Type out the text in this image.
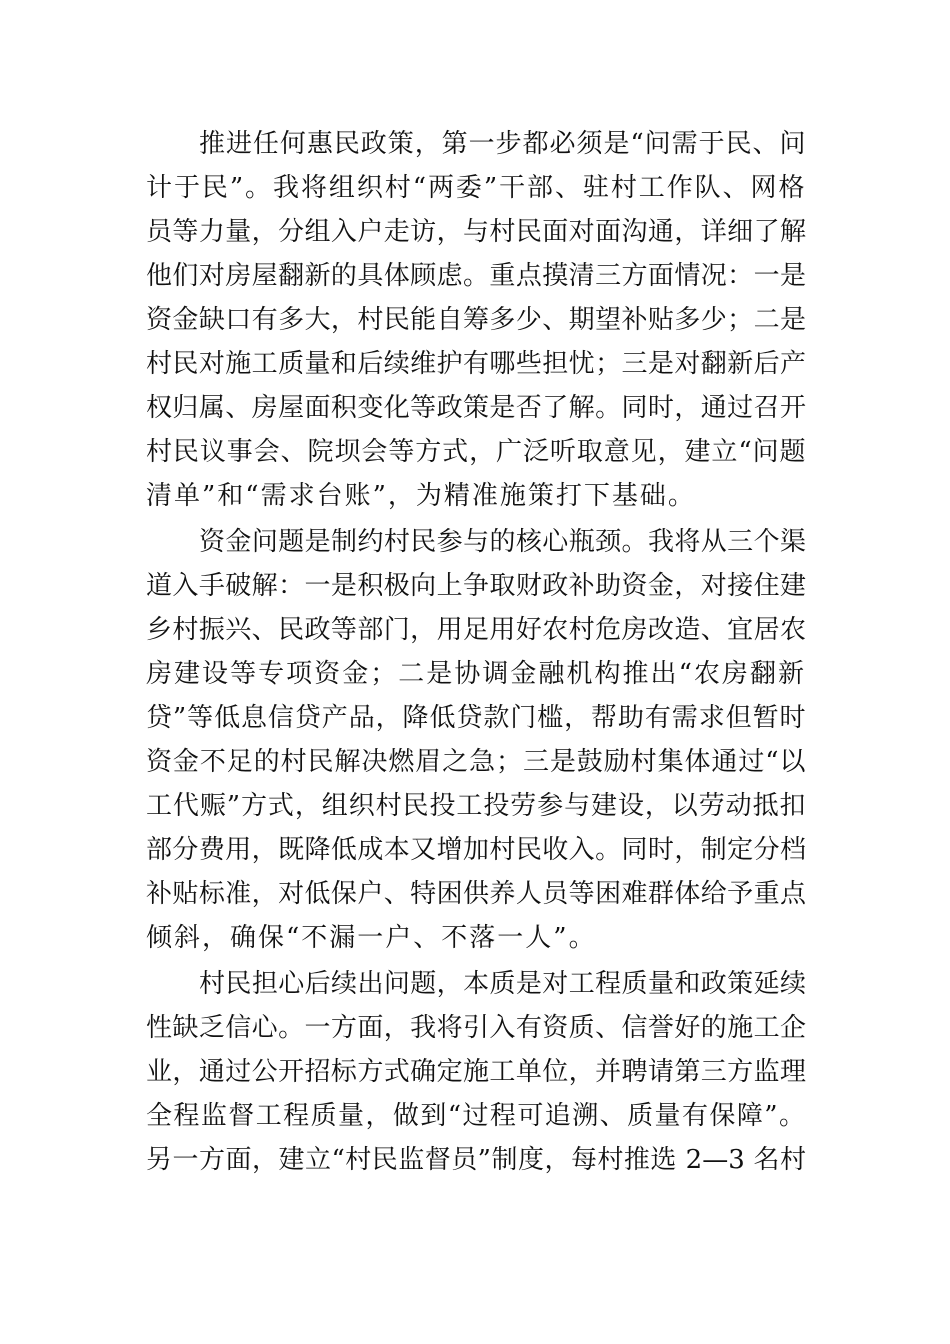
推进任何惠民政策，第一步都必须是“问需于民、问
计于民”。我将组织村“两委”干部、驻村工作队、网格
员等力量，分组入户走访，与村民面对面沟通，详细了解
他们对房屋翻新的具体顾虑。重点摸清三方面情况：一是
资金缺口有多大，村民能自筹多少、期望补贴多少；二是
村民对施工质量和后续维护有哪些担忧；三是对翻新后产
权归属、房屋面积变化等政策是否了解。同时，通过召开
村民议事会、院坝会等方式，广泛听取意见，建立“问题
清单”和“需求台账”，为精准施策打下基础。
资金问题是制约村民参与的核心瓶颈。我将从三个渠
道入手破解：一是积极向上争取财政补助资金，对接住建
乡村振兴、民政等部门，用足用好农村危房改造、宜居农
房建设等专项资金；二是协调金融机构推出“农房翻新
贷”等低息信贷产品，降低贷款门槛，帮助有需求但暂时
资金不足的村民解决燃眉之急；三是鼓励村集体通过“以
工代赈”方式，组织村民投工投劳参与建设，以劳动抵扣
部分费用，既降低成本又增加村民收入。同时，制定分档
补贴标准，对低保户、特困供养人员等困难群体给予重点
倾斜，确保“不漏一户、不落一人”。
村民担心后续出问题，本质是对工程质量和政策延续
性缺乏信心。一方面，我将引入有资质、信誉好的施工企
业，通过公开招标方式确定施工单位，并聘请第三方监理
全程监督工程质量，做到“过程可追溯、质量有保障”。
另一方面，建立“村民监督员”制度，每村推选 2—3 名村
